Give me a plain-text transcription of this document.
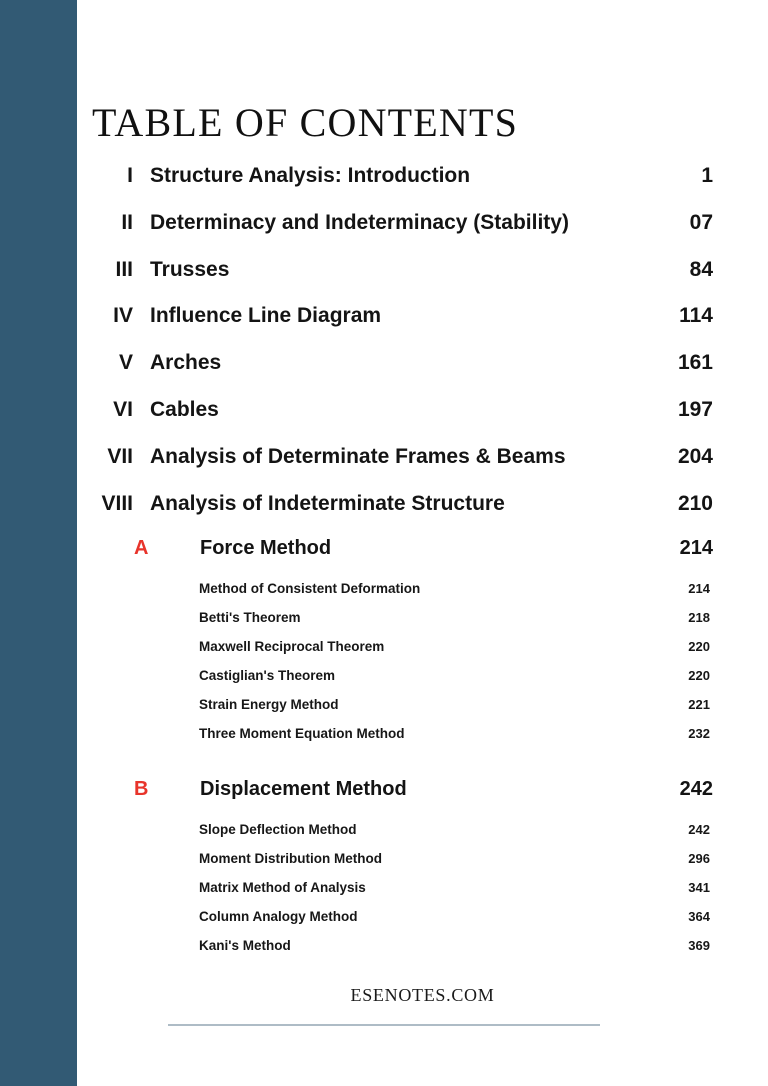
TABLE OF CONTENTS
I Structure Analysis: Introduction	1
II Determinacy and Indeterminacy (Stability)	07
III Trusses	84
IV Influence Line Diagram	114
V Arches	161
VI Cables	197
VII Analysis of Determinate Frames & Beams	204
VIII Analysis of Indeterminate Structure	210
A	Force Method	214
Method of Consistent Deformation	214
Betti's Theorem	218
Maxwell Reciprocal Theorem	220
Castiglian's Theorem	220
Strain Energy Method	221
Three Moment Equation Method	232
B	Displacement Method	242
Slope Deflection Method	242
Moment Distribution Method	296
Matrix Method of Analysis	341
Column Analogy Method	364
Kani's Method	369
ESENOTES.COM
